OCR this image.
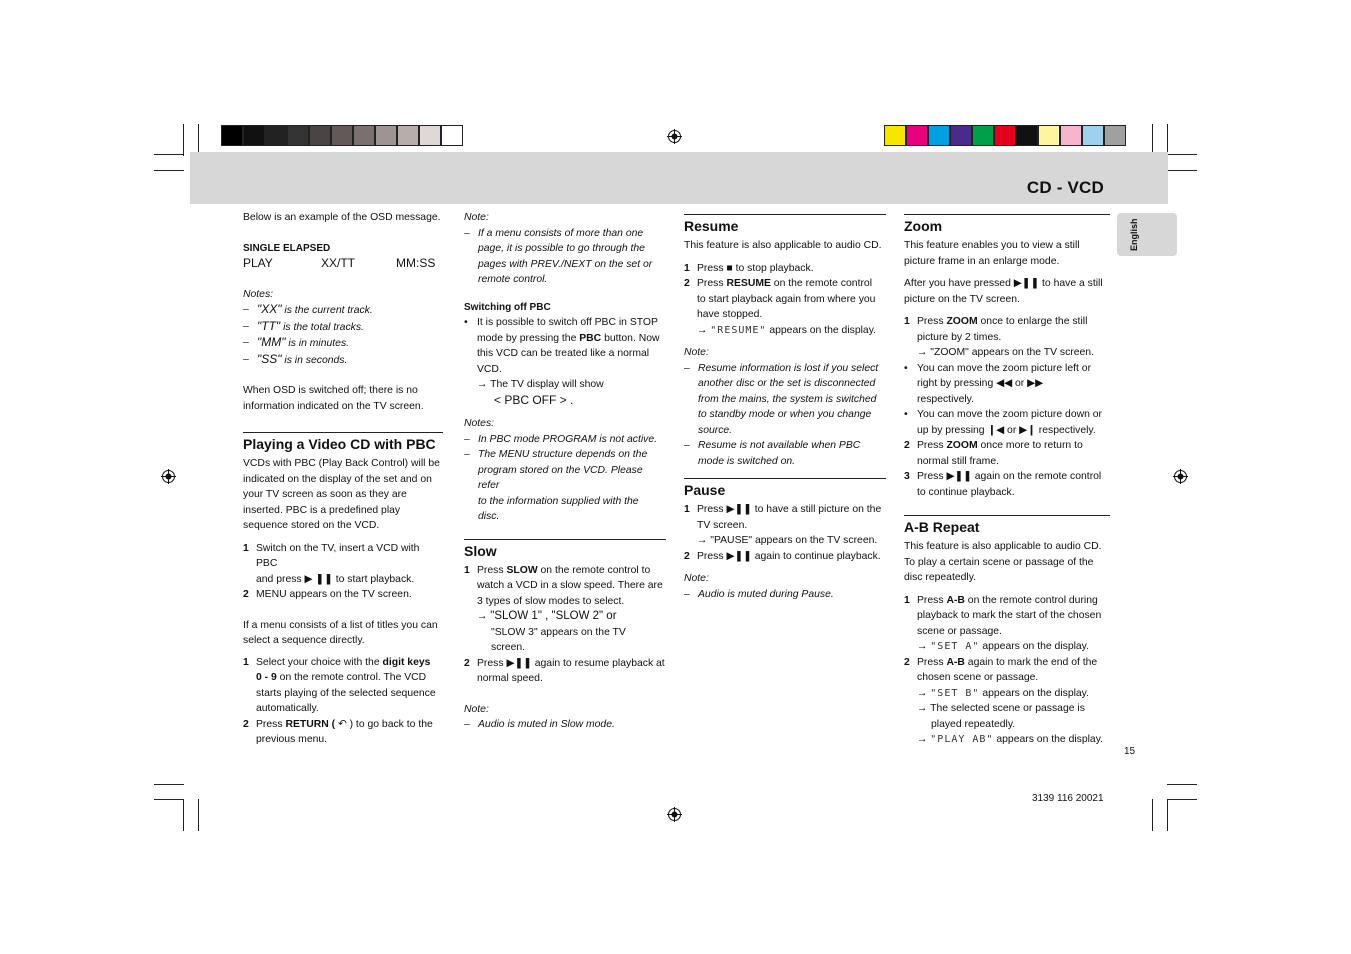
CD - VCD
English

Below is an example of the OSD message.

SINGLE ELAPSED

PLAY	XX/TT	MM:SS

Notes:

– "XX" is the current track.
– "TT" is the total tracks.
– "MM" is in minutes.
– "SS" is in seconds.

When OSD is switched off; there is no

information indicated on the TV screen.

Playing a Video CD with PBC
VCDs with PBC (Play Back Control) will be
indicated on the display of the set and on
your TV screen as soon as they are
inserted. PBC is a predefined play
sequence stored on the VCD.
1 Switch on the TV, insert a VCD with PBC
and press ▶ ❚❚ to start playback.
2 MENU appears on the TV screen.

If a menu consists of a list of titles you can

select a sequence directly.

1 Select your choice with the digit keys
0 - 9 on the remote control. The VCD
starts playing of the selected sequence
automatically.
2 Press RETURN ( ↶ ) to go back to the
previous menu.

Note:

– If a menu consists of more than one
page, it is possible to go through the
pages with PREV./NEXT on the set or
remote control.

Switching off PBC

• It is possible to switch off PBC in STOP
mode by pressing the PBC button. Now
this VCD can be treated like a normal
VCD.
→ The TV display will show
< PBC OFF > .

Notes:

– In PBC mode PROGRAM is not active.
– The MENU structure depends on the
program stored on the VCD. Please refer
to the information supplied with the
disc.
Slow
1 Press SLOW on the remote control to
watch a VCD in a slow speed. There are
3 types of slow modes to select.
→ "SLOW 1" , "SLOW 2" or
"SLOW 3" appears on the TV
screen.
2 Press ▶❚❚ again to resume playback at
normal speed.

Note:

– Audio is muted in Slow mode.
Resume

This feature is also applicable to audio CD.

1 Press ■ to stop playback.
2 Press RESUME on the remote control
to start playback again from where you
have stopped.
→ "RESUME" appears on the display.

Note:

– Resume information is lost if you select
another disc or the set is disconnected
from the mains, the system is switched
to standby mode or when you change
source.
– Resume is not available when PBC
mode is switched on.
Pause
1 Press ▶❚❚ to have a still picture on the
TV screen.
→ "PAUSE" appears on the TV screen.
2 Press ▶❚❚ again to continue playback.

Note:

– Audio is muted during Pause.
Zoom
This feature enables you to view a still
picture frame in an enlarge mode.
After you have pressed ▶❚❚ to have a still
picture on the TV screen.
1 Press ZOOM once to enlarge the still
picture by 2 times.
→ "ZOOM" appears on the TV screen.
• You can move the zoom picture left or
right by pressing ◀◀ or ▶▶
respectively.
• You can move the zoom picture down or
up by pressing ❙◀ or ▶❙ respectively.
2 Press ZOOM once more to return to
normal still frame.
3 Press ▶❚❚ again on the remote control
to continue playback.
A-B Repeat
This feature is also applicable to audio CD.
To play a certain scene or passage of the
disc repeatedly.
1 Press A-B on the remote control during
playback to mark the start of the chosen
scene or passage.
→ "SET A" appears on the display.
2 Press A-B again to mark the end of the
chosen scene or passage.
→ "SET B" appears on the display.
→ The selected scene or passage is
played repeatedly.
→ "PLAY AB" appears on the display.
15
3139 116 20021
